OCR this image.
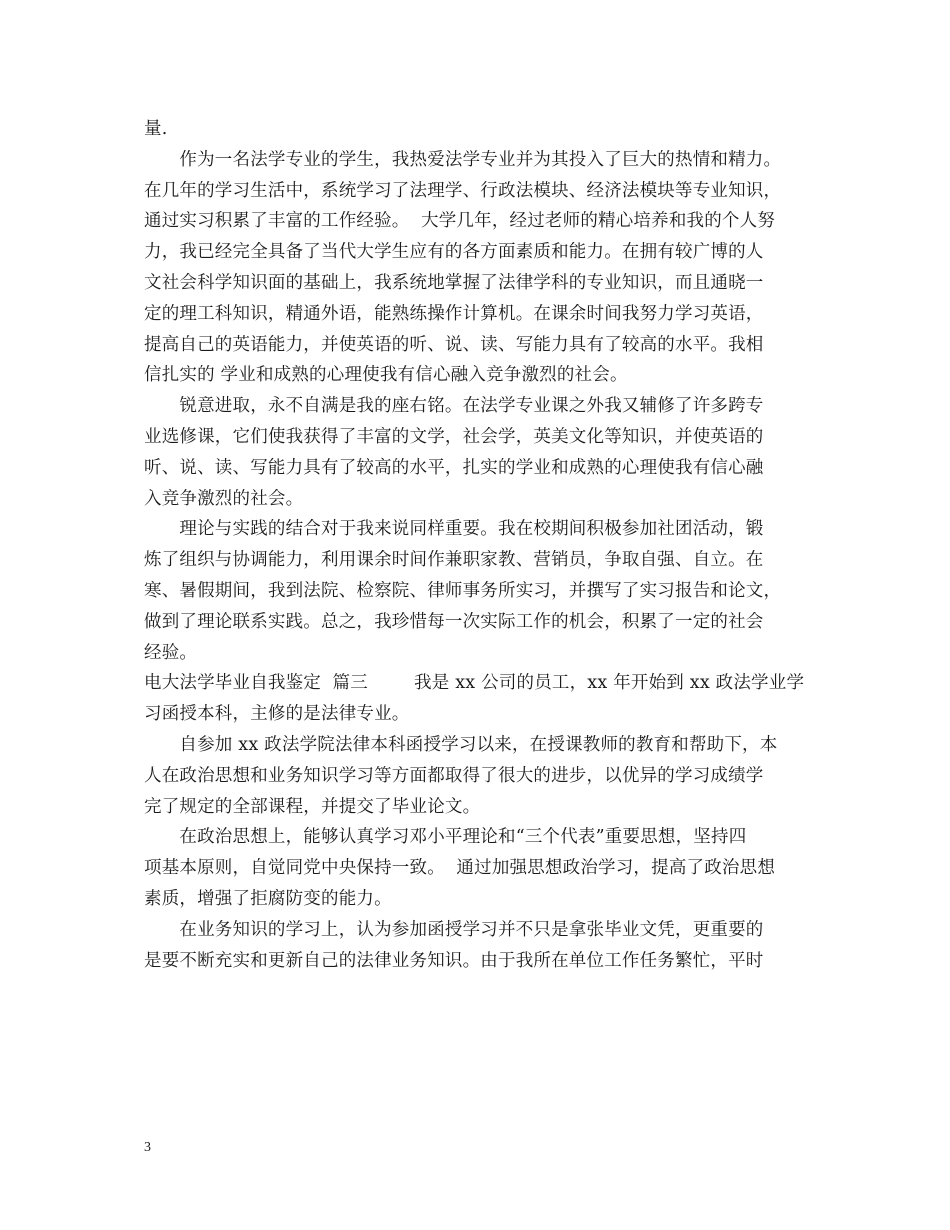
量.
　　作为一名法学专业的学生，我热爱法学专业并为其投入了巨大的热情和精力。
在几年的学习生活中，系统学习了法理学、行政法模块、经济法模块等专业知识，
通过实习积累了丰富的工作经验。  大学几年，经过老师的精心培养和我的个人努
力，我已经完全具备了当代大学生应有的各方面素质和能力。在拥有较广博的人
文社会科学知识面的基础上，我系统地掌握了法律学科的专业知识，而且通晓一
定的理工科知识，精通外语，能熟练操作计算机。在课余时间我努力学习英语，
提高自己的英语能力，并使英语的听、说、读、写能力具有了较高的水平。我相
信扎实的 学业和成熟的心理使我有信心融入竞争激烈的社会。
　　锐意进取，永不自满是我的座右铭。在法学专业课之外我又辅修了许多跨专
业选修课，它们使我获得了丰富的文学，社会学，英美文化等知识，并使英语的
听、说、读、写能力具有了较高的水平，扎实的学业和成熟的心理使我有信心融
入竞争激烈的社会。
　　理论与实践的结合对于我来说同样重要。我在校期间积极参加社团活动，锻
炼了组织与协调能力，利用课余时间作兼职家教、营销员，争取自强、自立。在
寒、暑假期间，我到法院、检察院、律师事务所实习，并撰写了实习报告和论文，
做到了理论联系实践。总之，我珍惜每一次实际工作的机会，积累了一定的社会
经验。
电大法学毕业自我鉴定  篇三        我是 xx 公司的员工，xx 年开始到 xx 政法学业学
习函授本科，主修的是法律专业。
　　自参加 xx 政法学院法律本科函授学习以来，在授课教师的教育和帮助下，本
人在政治思想和业务知识学习等方面都取得了很大的进步，以优异的学习成绩学
完了规定的全部课程，并提交了毕业论文。
　　在政治思想上，能够认真学习邓小平理论和“三个代表”重要思想，坚持四
项基本原则，自觉同党中央保持一致。  通过加强思想政治学习，提高了政治思想
素质，增强了拒腐防变的能力。
　　在业务知识的学习上，认为参加函授学习并不只是拿张毕业文凭，更重要的
是要不断充实和更新自己的法律业务知识。由于我所在单位工作任务繁忙，平时
3
